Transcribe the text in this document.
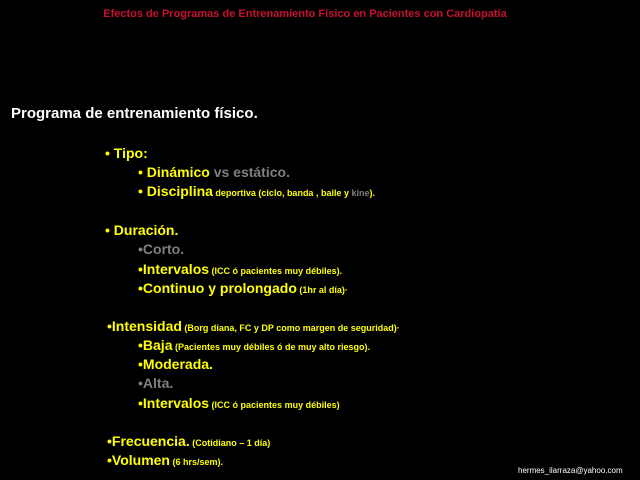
Efectos de Programas de Entrenamiento Físico en Pacientes con Cardiopatía
Programa de entrenamiento físico.
• Tipo:
• Dinámico vs estático.
• Disciplina deportiva (ciclo, banda , baile y kine).
• Duración.
•Corto.
•Intervalos (ICC ó pacientes muy débiles).
•Continuo y prolongado (1hr al día)·
•Intensidad (Borg diana, FC y DP como margen de seguridad)·
•Baja (Pacientes muy débiles ó de muy alto riesgo).
•Moderada.
•Alta.
•Intervalos (ICC ó pacientes muy débiles)
•Frecuencia. (Cotidiano – 1 día)
•Volumen (6 hrs/sem).
hermes_ilarraza@yahoo.com
